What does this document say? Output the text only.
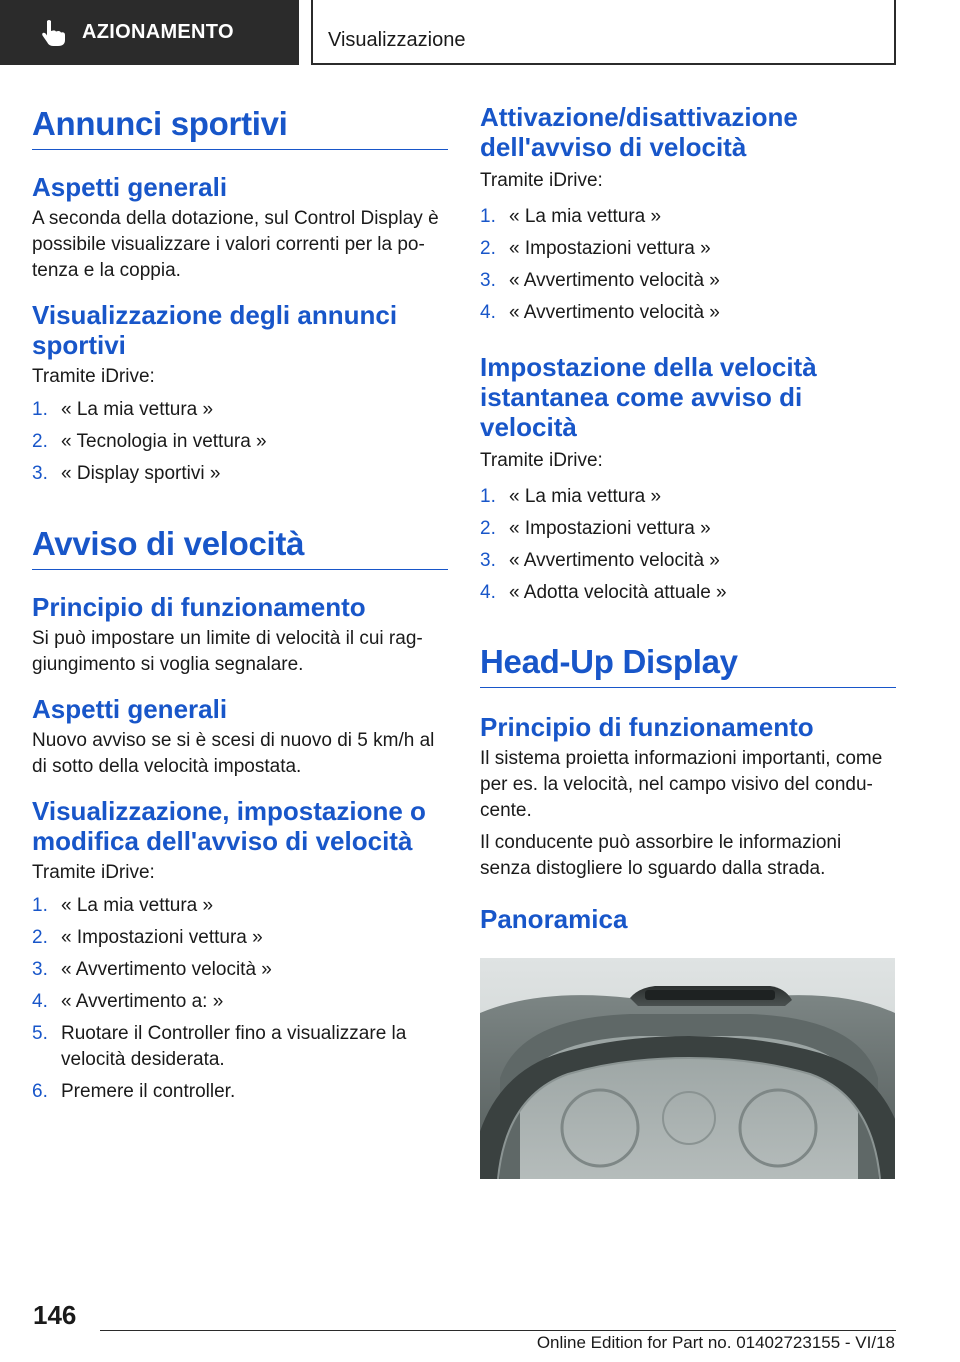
AZIONAMENTO	Visualizzazione
Annunci sportivi
Aspetti generali

A seconda della dotazione, sul Control Display è possibile visualizzare i valori correnti per la potenza e la coppia.

Visualizzazione degli annunci sportivi

Tramite iDrive:

1. « La mia vettura »
2. « Tecnologia in vettura »
3. « Display sportivi »
Avviso di velocità
Principio di funzionamento

Si può impostare un limite di velocità il cui raggiungimento si voglia segnalare.

Aspetti generali

Nuovo avviso se si è scesi di nuovo di 5 km/h al di sotto della velocità impostata.

Visualizzazione, impostazione o modifica dell'avviso di velocità

Tramite iDrive:

1. « La mia vettura »
2. « Impostazioni vettura »
3. « Avvertimento velocità »
4. « Avvertimento a: »
5. Ruotare il Controller fino a visualizzare la velocità desiderata.
6. Premere il controller.
Attivazione/disattivazione dell'avviso di velocità

Tramite iDrive:

1. « La mia vettura »
2. « Impostazioni vettura »
3. « Avvertimento velocità »
4. « Avvertimento velocità »
Impostazione della velocità istantanea come avviso di velocità

Tramite iDrive:

1. « La mia vettura »
2. « Impostazioni vettura »
3. « Avvertimento velocità »
4. « Adotta velocità attuale »
Head-Up Display
Principio di funzionamento

Il sistema proietta informazioni importanti, come per es. la velocità, nel campo visivo del conducente.

Il conducente può assorbire le informazioni senza distogliere lo sguardo dalla strada.

Panoramica
146
Online Edition for Part no. 01402723155 - VI/18
